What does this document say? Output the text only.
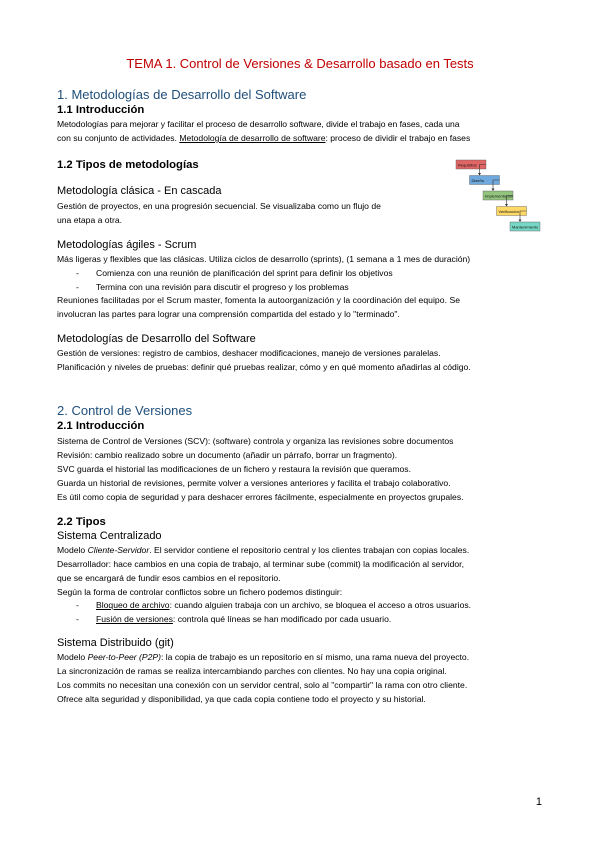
TEMA 1. Control de Versiones & Desarrollo basado en Tests
1. Metodologías de Desarrollo del Software
1.1 Introducción
Metodologías para mejorar y facilitar el proceso de desarrollo software, divide el trabajo en fases, cada una
con su conjunto de actividades. Metodología de desarrollo de software: proceso de dividir el trabajo en fases
1.2 Tipos de metodologías
Metodología clásica - En cascada
Gestión de proyectos, en una progresión secuencial. Se visualizaba como un flujo de
una etapa a otra.
Requisitos
Diseño
Implementación
Verificación
Mantenimiento
Metodologías ágiles - Scrum
Más ligeras y flexibles que las clásicas. Utiliza ciclos de desarrollo (sprints), (1 semana a 1 mes de duración)
- Comienza con una reunión de planificación del sprint para definir los objetivos
- Termina con una revisión para discutir el progreso y los problemas
Reuniones facilitadas por el Scrum master, fomenta la autoorganización y la coordinación del equipo. Se
involucran las partes para lograr una comprensión compartida del estado y lo "terminado".
Metodologías de Desarrollo del Software
Gestión de versiones: registro de cambios, deshacer modificaciones, manejo de versiones paralelas.
Planificación y niveles de pruebas: definir qué pruebas realizar, cómo y en qué momento añadirlas al código.
2. Control de Versiones
2.1 Introducción
Sistema de Control de Versiones (SCV): (software) controla y organiza las revisiones sobre documentos
Revisión: cambio realizado sobre un documento (añadir un párrafo, borrar un fragmento).
SVC guarda el historial las modificaciones de un fichero y restaura la revisión que queramos.
Guarda un historial de revisiones, permite volver a versiones anteriores y facilita el trabajo colaborativo.
Es útil como copia de seguridad y para deshacer errores fácilmente, especialmente en proyectos grupales.
2.2 Tipos
Sistema Centralizado
Modelo Cliente-Servidor. El servidor contiene el repositorio central y los clientes trabajan con copias locales.
Desarrollador: hace cambios en una copia de trabajo, al terminar sube (commit) la modificación al servidor,
que se encargará de fundir esos cambios en el repositorio.
Según la forma de controlar conflictos sobre un fichero podemos distinguir:
- Bloqueo de archivo: cuando alguien trabaja con un archivo, se bloquea el acceso a otros usuarios.
- Fusión de versiones: controla qué líneas se han modificado por cada usuario.
Sistema Distribuido (git)
Modelo Peer-to-Peer (P2P): la copia de trabajo es un repositorio en sí mismo, una rama nueva del proyecto.
La sincronización de ramas se realiza intercambiando parches con clientes. No hay una copia original.
Los commits no necesitan una conexión con un servidor central, solo al "compartir" la rama con otro cliente.
Ofrece alta seguridad y disponibilidad, ya que cada copia contiene todo el proyecto y su historial.
1
